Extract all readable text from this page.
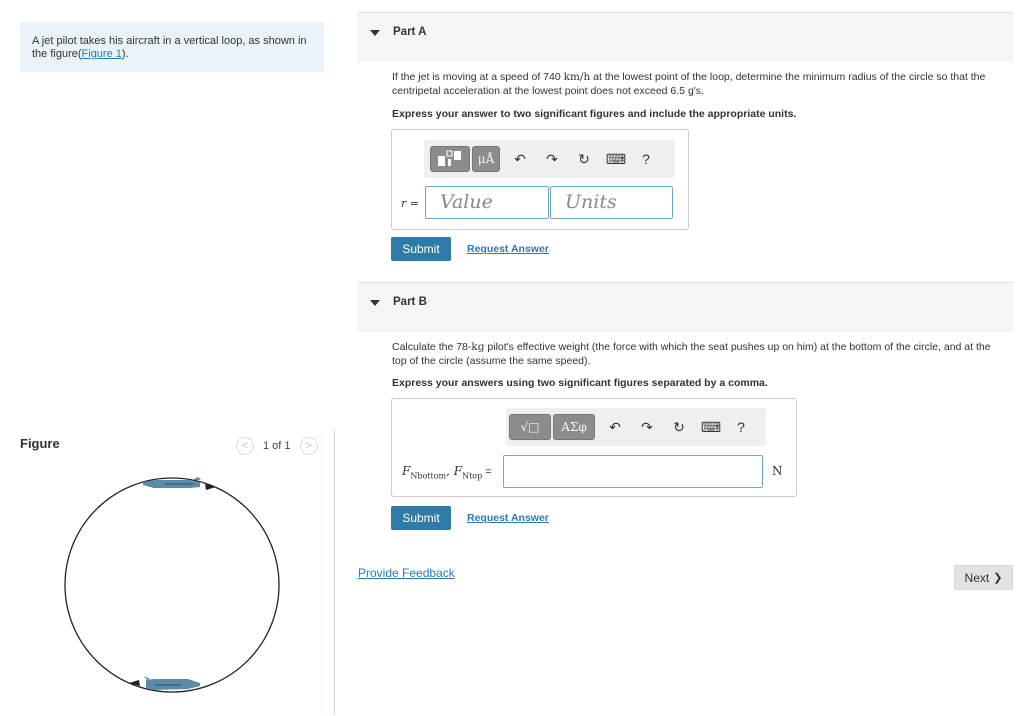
A jet pilot takes his aircraft in a vertical loop, as shown in the figure(Figure 1).
Figure	<	1 of 1	>
Part A
If the jet is moving at a speed of 740 km/h at the lowest point of the loop, determine the minimum radius of the circle so that the centripetal acceleration at the lowest point does not exceed 6.5 g's.
Express your answer to two significant figures and include the appropriate units.
μÅ	↶	↷	↻	⌨	?
r =	Value	Units
Submit	Request Answer
Part B
Calculate the 78-kg pilot's effective weight (the force with which the seat pushes up on him) at the bottom of the circle, and at the top of the circle (assume the same speed).
Express your answers using two significant figures separated by a comma.
√□	ΑΣφ	↶	↷	↻	⌨	?
$F_{Nbottom}$, $F_{Ntop}$ =	N
Submit	Request Answer
Provide Feedback	Next ❯
